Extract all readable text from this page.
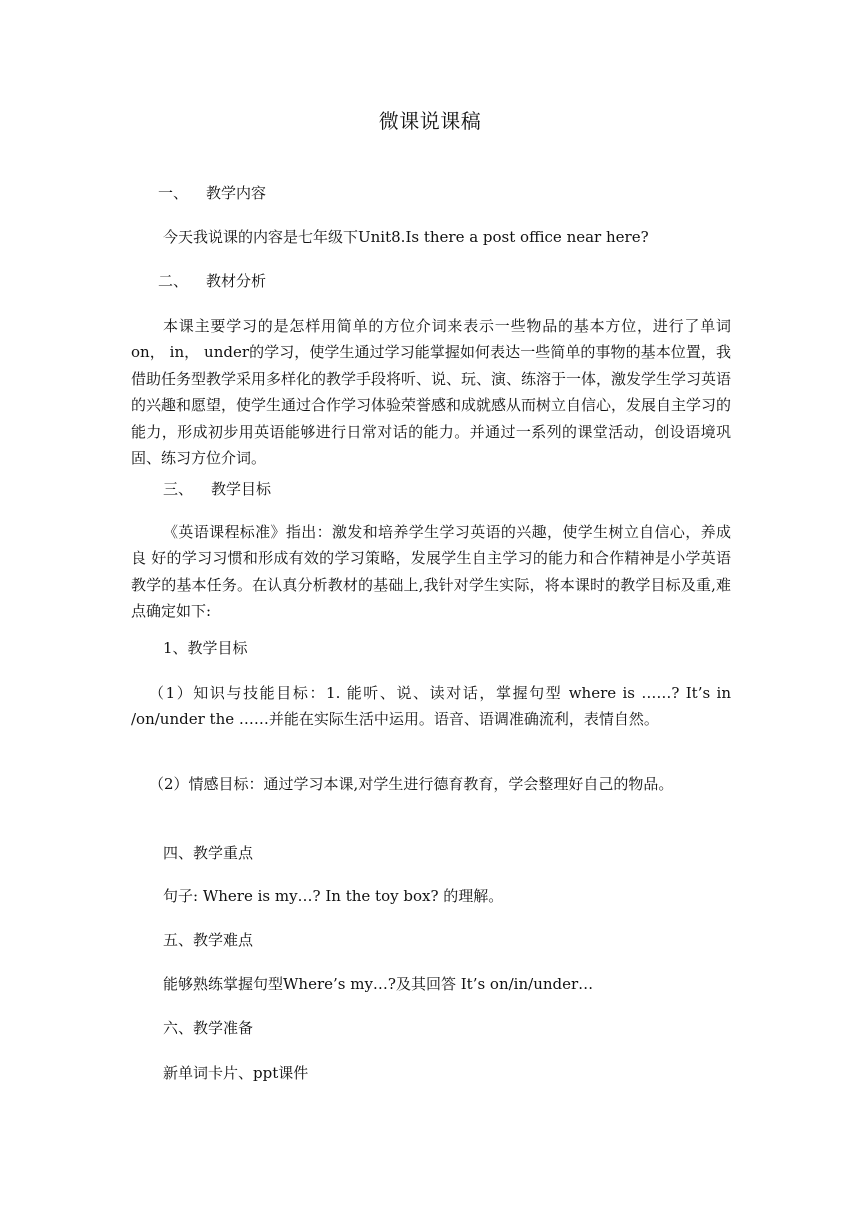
微课说课稿
一、 教学内容
今天我说课的内容是七年级下Unit8.Is there a post office near here?
二、 教材分析
本课主要学习的是怎样用简单的方位介词来表示一些物品的基本方位，进行了单词on， in， under的学习，使学生通过学习能掌握如何表达一些简单的事物的基本位置，我借助任务型教学采用多样化的教学手段将听、说、玩、演、练溶于一体，激发学生学习英语的兴趣和愿望，使学生通过合作学习体验荣誉感和成就感从而树立自信心，发展自主学习的能力，形成初步用英语能够进行日常对话的能力。并通过一系列的课堂活动，创设语境巩固、练习方位介词。
三、 教学目标
《英语课程标准》指出：激发和培养学生学习英语的兴趣，使学生树立自信心，养成良 好的学习习惯和形成有效的学习策略，发展学生自主学习的能力和合作精神是小学英语教学的基本任务。在认真分析教材的基础上,我针对学生实际，将本课时的教学目标及重,难点确定如下:
1、教学目标
（1）知识与技能目标：1. 能听、说、读对话，掌握句型 where is ……? It’s in /on/under the ……并能在实际生活中运用。语音、语调准确流利，表情自然。
（2）情感目标：通过学习本课,对学生进行德育教育，学会整理好自己的物品。
四、教学重点
句子: Where is my…? In the toy box? 的理解。
五、教学难点
能够熟练掌握句型Where’s my…?及其回答 It’s on/in/under…
六、教学准备
新单词卡片、ppt课件
